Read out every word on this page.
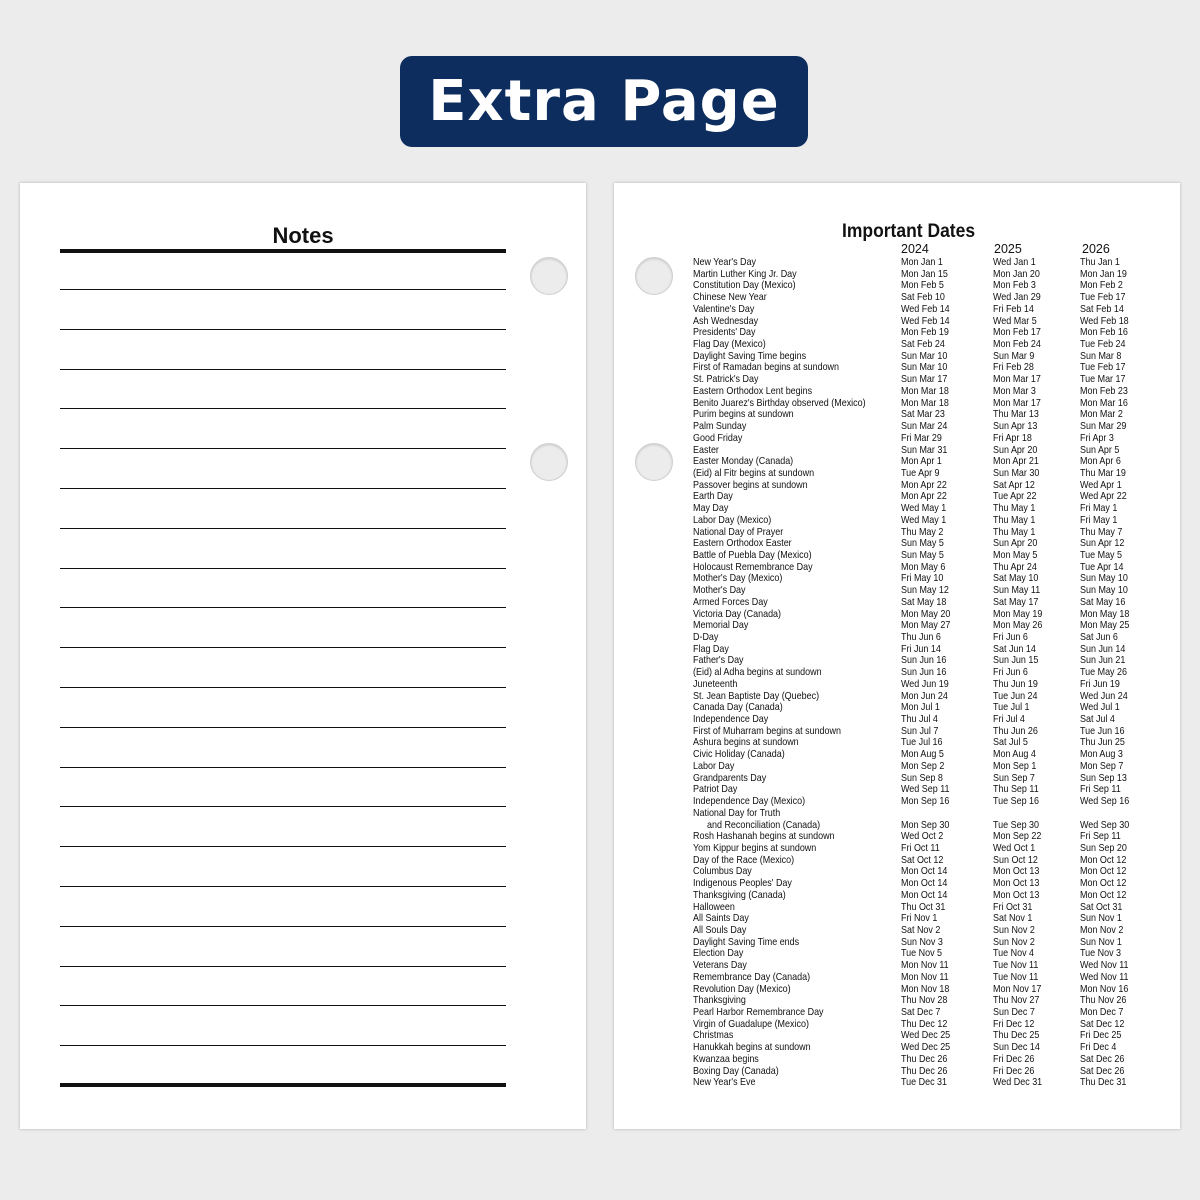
Extra Page
Notes	Important Dates
2024	2025	2026
New Year's Day	Mon Jan 1	Wed Jan 1	Thu Jan 1
Martin Luther King Jr. Day	Mon Jan 15	Mon Jan 20	Mon Jan 19
Constitution Day (Mexico)	Mon Feb 5	Mon Feb 3	Mon Feb 2
Chinese New Year	Sat Feb 10	Wed Jan 29	Tue Feb 17
Valentine's Day	Wed Feb 14	Fri Feb 14	Sat Feb 14
Ash Wednesday	Wed Feb 14	Wed Mar 5	Wed Feb 18
Presidents' Day	Mon Feb 19	Mon Feb 17	Mon Feb 16
Flag Day (Mexico)	Sat Feb 24	Mon Feb 24	Tue Feb 24
Daylight Saving Time begins	Sun Mar 10	Sun Mar 9	Sun Mar 8
First of Ramadan begins at sundown	Sun Mar 10	Fri Feb 28	Tue Feb 17
St. Patrick's Day	Sun Mar 17	Mon Mar 17	Tue Mar 17
Eastern Orthodox Lent begins	Mon Mar 18	Mon Mar 3	Mon Feb 23
Benito Juarez's Birthday observed (Mexico)	Mon Mar 18	Mon Mar 17	Mon Mar 16
Purim begins at sundown	Sat Mar 23	Thu Mar 13	Mon Mar 2
Palm Sunday	Sun Mar 24	Sun Apr 13	Sun Mar 29
Good Friday	Fri Mar 29	Fri Apr 18	Fri Apr 3
Easter	Sun Mar 31	Sun Apr 20	Sun Apr 5
Easter Monday (Canada)	Mon Apr 1	Mon Apr 21	Mon Apr 6
(Eid) al Fitr begins at sundown	Tue Apr 9	Sun Mar 30	Thu Mar 19
Passover begins at sundown	Mon Apr 22	Sat Apr 12	Wed Apr 1
Earth Day	Mon Apr 22	Tue Apr 22	Wed Apr 22
May Day	Wed May 1	Thu May 1	Fri May 1
Labor Day (Mexico)	Wed May 1	Thu May 1	Fri May 1
National Day of Prayer	Thu May 2	Thu May 1	Thu May 7
Eastern Orthodox Easter	Sun May 5	Sun Apr 20	Sun Apr 12
Battle of Puebla Day (Mexico)	Sun May 5	Mon May 5	Tue May 5
Holocaust Remembrance Day	Mon May 6	Thu Apr 24	Tue Apr 14
Mother's Day (Mexico)	Fri May 10	Sat May 10	Sun May 10
Mother's Day	Sun May 12	Sun May 11	Sun May 10
Armed Forces Day	Sat May 18	Sat May 17	Sat May 16
Victoria Day (Canada)	Mon May 20	Mon May 19	Mon May 18
Memorial Day	Mon May 27	Mon May 26	Mon May 25
D-Day	Thu Jun 6	Fri Jun 6	Sat Jun 6
Flag Day	Fri Jun 14	Sat Jun 14	Sun Jun 14
Father's Day	Sun Jun 16	Sun Jun 15	Sun Jun 21
(Eid) al Adha begins at sundown	Sun Jun 16	Fri Jun 6	Tue May 26
Juneteenth	Wed Jun 19	Thu Jun 19	Fri Jun 19
St. Jean Baptiste Day (Quebec)	Mon Jun 24	Tue Jun 24	Wed Jun 24
Canada Day (Canada)	Mon Jul 1	Tue Jul 1	Wed Jul 1
Independence Day	Thu Jul 4	Fri Jul 4	Sat Jul 4
First of Muharram begins at sundown	Sun Jul 7	Thu Jun 26	Tue Jun 16
Ashura begins at sundown	Tue Jul 16	Sat Jul 5	Thu Jun 25
Civic Holiday (Canada)	Mon Aug 5	Mon Aug 4	Mon Aug 3
Labor Day	Mon Sep 2	Mon Sep 1	Mon Sep 7
Grandparents Day	Sun Sep 8	Sun Sep 7	Sun Sep 13
Patriot Day	Wed Sep 11	Thu Sep 11	Fri Sep 11
Independence Day (Mexico)	Mon Sep 16	Tue Sep 16	Wed Sep 16
National Day for Truth
and Reconciliation (Canada)	Mon Sep 30	Tue Sep 30	Wed Sep 30
Rosh Hashanah begins at sundown	Wed Oct 2	Mon Sep 22	Fri Sep 11
Yom Kippur begins at sundown	Fri Oct 11	Wed Oct 1	Sun Sep 20
Day of the Race (Mexico)	Sat Oct 12	Sun Oct 12	Mon Oct 12
Columbus Day	Mon Oct 14	Mon Oct 13	Mon Oct 12
Indigenous Peoples' Day	Mon Oct 14	Mon Oct 13	Mon Oct 12
Thanksgiving (Canada)	Mon Oct 14	Mon Oct 13	Mon Oct 12
Halloween	Thu Oct 31	Fri Oct 31	Sat Oct 31
All Saints Day	Fri Nov 1	Sat Nov 1	Sun Nov 1
All Souls Day	Sat Nov 2	Sun Nov 2	Mon Nov 2
Daylight Saving Time ends	Sun Nov 3	Sun Nov 2	Sun Nov 1
Election Day	Tue Nov 5	Tue Nov 4	Tue Nov 3
Veterans Day	Mon Nov 11	Tue Nov 11	Wed Nov 11
Remembrance Day (Canada)	Mon Nov 11	Tue Nov 11	Wed Nov 11
Revolution Day (Mexico)	Mon Nov 18	Mon Nov 17	Mon Nov 16
Thanksgiving	Thu Nov 28	Thu Nov 27	Thu Nov 26
Pearl Harbor Remembrance Day	Sat Dec 7	Sun Dec 7	Mon Dec 7
Virgin of Guadalupe (Mexico)	Thu Dec 12	Fri Dec 12	Sat Dec 12
Christmas	Wed Dec 25	Thu Dec 25	Fri Dec 25
Hanukkah begins at sundown	Wed Dec 25	Sun Dec 14	Fri Dec 4
Kwanzaa begins	Thu Dec 26	Fri Dec 26	Sat Dec 26
Boxing Day (Canada)	Thu Dec 26	Fri Dec 26	Sat Dec 26
New Year's Eve	Tue Dec 31	Wed Dec 31	Thu Dec 31
